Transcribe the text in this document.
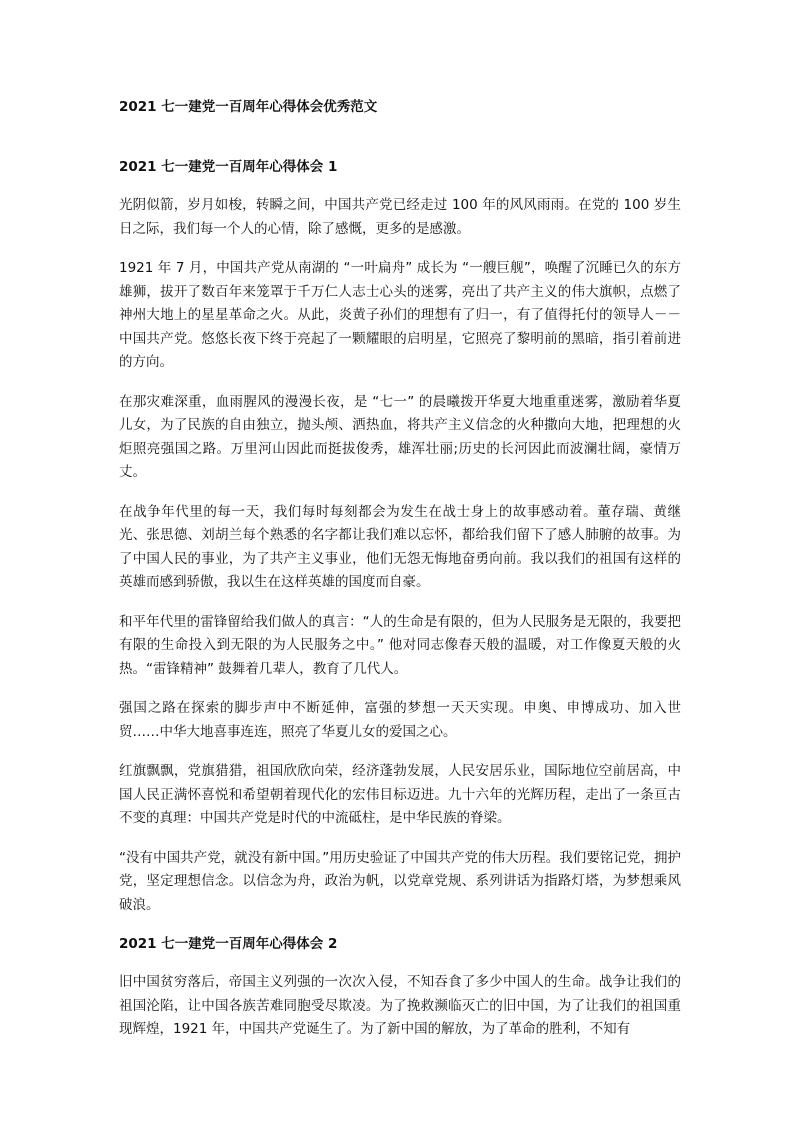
2021 七一建党一百周年心得体会优秀范文
2021 七一建党一百周年心得体会 1

光阴似箭，岁月如梭，转瞬之间，中国共产党已经走过 100 年的风风雨雨。在党的 100 岁生日之际，我们每一个人的心情，除了感慨，更多的是感激。

1921 年 7 月，中国共产党从南湖的 “一叶扁舟” 成长为 “一艘巨舰”，唤醒了沉睡已久的东方雄狮，拔开了数百年来笼罩于千万仁人志士心头的迷雾，亮出了共产主义的伟大旗帜，点燃了神州大地上的星星革命之火。从此，炎黄子孙们的理想有了归一，有了值得托付的领导人－－中国共产党。悠悠长夜下终于亮起了一颗耀眼的启明星，它照亮了黎明前的黑暗，指引着前进的方向。

在那灾难深重，血雨腥风的漫漫长夜，是 “七一” 的晨曦拨开华夏大地重重迷雾，激励着华夏儿女，为了民族的自由独立，抛头颅、洒热血，将共产主义信念的火种撒向大地，把理想的火炬照亮强国之路。万里河山因此而挺拔俊秀，雄浑壮丽;历史的长河因此而波澜壮阔，豪情万丈。

在战争年代里的每一天，我们每时每刻都会为发生在战士身上的故事感动着。董存瑞、黄继光、张思德、刘胡兰每个熟悉的名字都让我们难以忘怀，都给我们留下了感人肺腑的故事。为了中国人民的事业，为了共产主义事业，他们无怨无悔地奋勇向前。我以我们的祖国有这样的英雄而感到骄傲，我以生在这样英雄的国度而自豪。

和平年代里的雷锋留给我们做人的真言：“人的生命是有限的，但为人民服务是无限的，我要把有限的生命投入到无限的为人民服务之中。” 他对同志像春天般的温暖，对工作像夏天般的火热。“雷锋精神” 鼓舞着几辈人，教育了几代人。

强国之路在探索的脚步声中不断延伸，富强的梦想一天天实现。申奥、申博成功、加入世贸……中华大地喜事连连，照亮了华夏儿女的爱国之心。

红旗飘飘，党旗猎猎，祖国欣欣向荣，经济蓬勃发展，人民安居乐业，国际地位空前居高，中国人民正满怀喜悦和希望朝着现代化的宏伟目标迈进。九十六年的光辉历程，走出了一条亘古不变的真理：中国共产党是时代的中流砥柱，是中华民族的脊梁。

“没有中国共产党，就没有新中国。”用历史验证了中国共产党的伟大历程。我们要铭记党，拥护党，坚定理想信念。以信念为舟，政治为帆，以党章党规、系列讲话为指路灯塔，为梦想乘风破浪。

2021 七一建党一百周年心得体会 2

旧中国贫穷落后，帝国主义列强的一次次入侵，不知吞食了多少中国人的生命。战争让我们的祖国沦陷，让中国各族苦难同胞受尽欺凌。为了挽救濒临灭亡的旧中国，为了让我们的祖国重现辉煌，1921 年，中国共产党诞生了。为了新中国的解放，为了革命的胜利，不知有
